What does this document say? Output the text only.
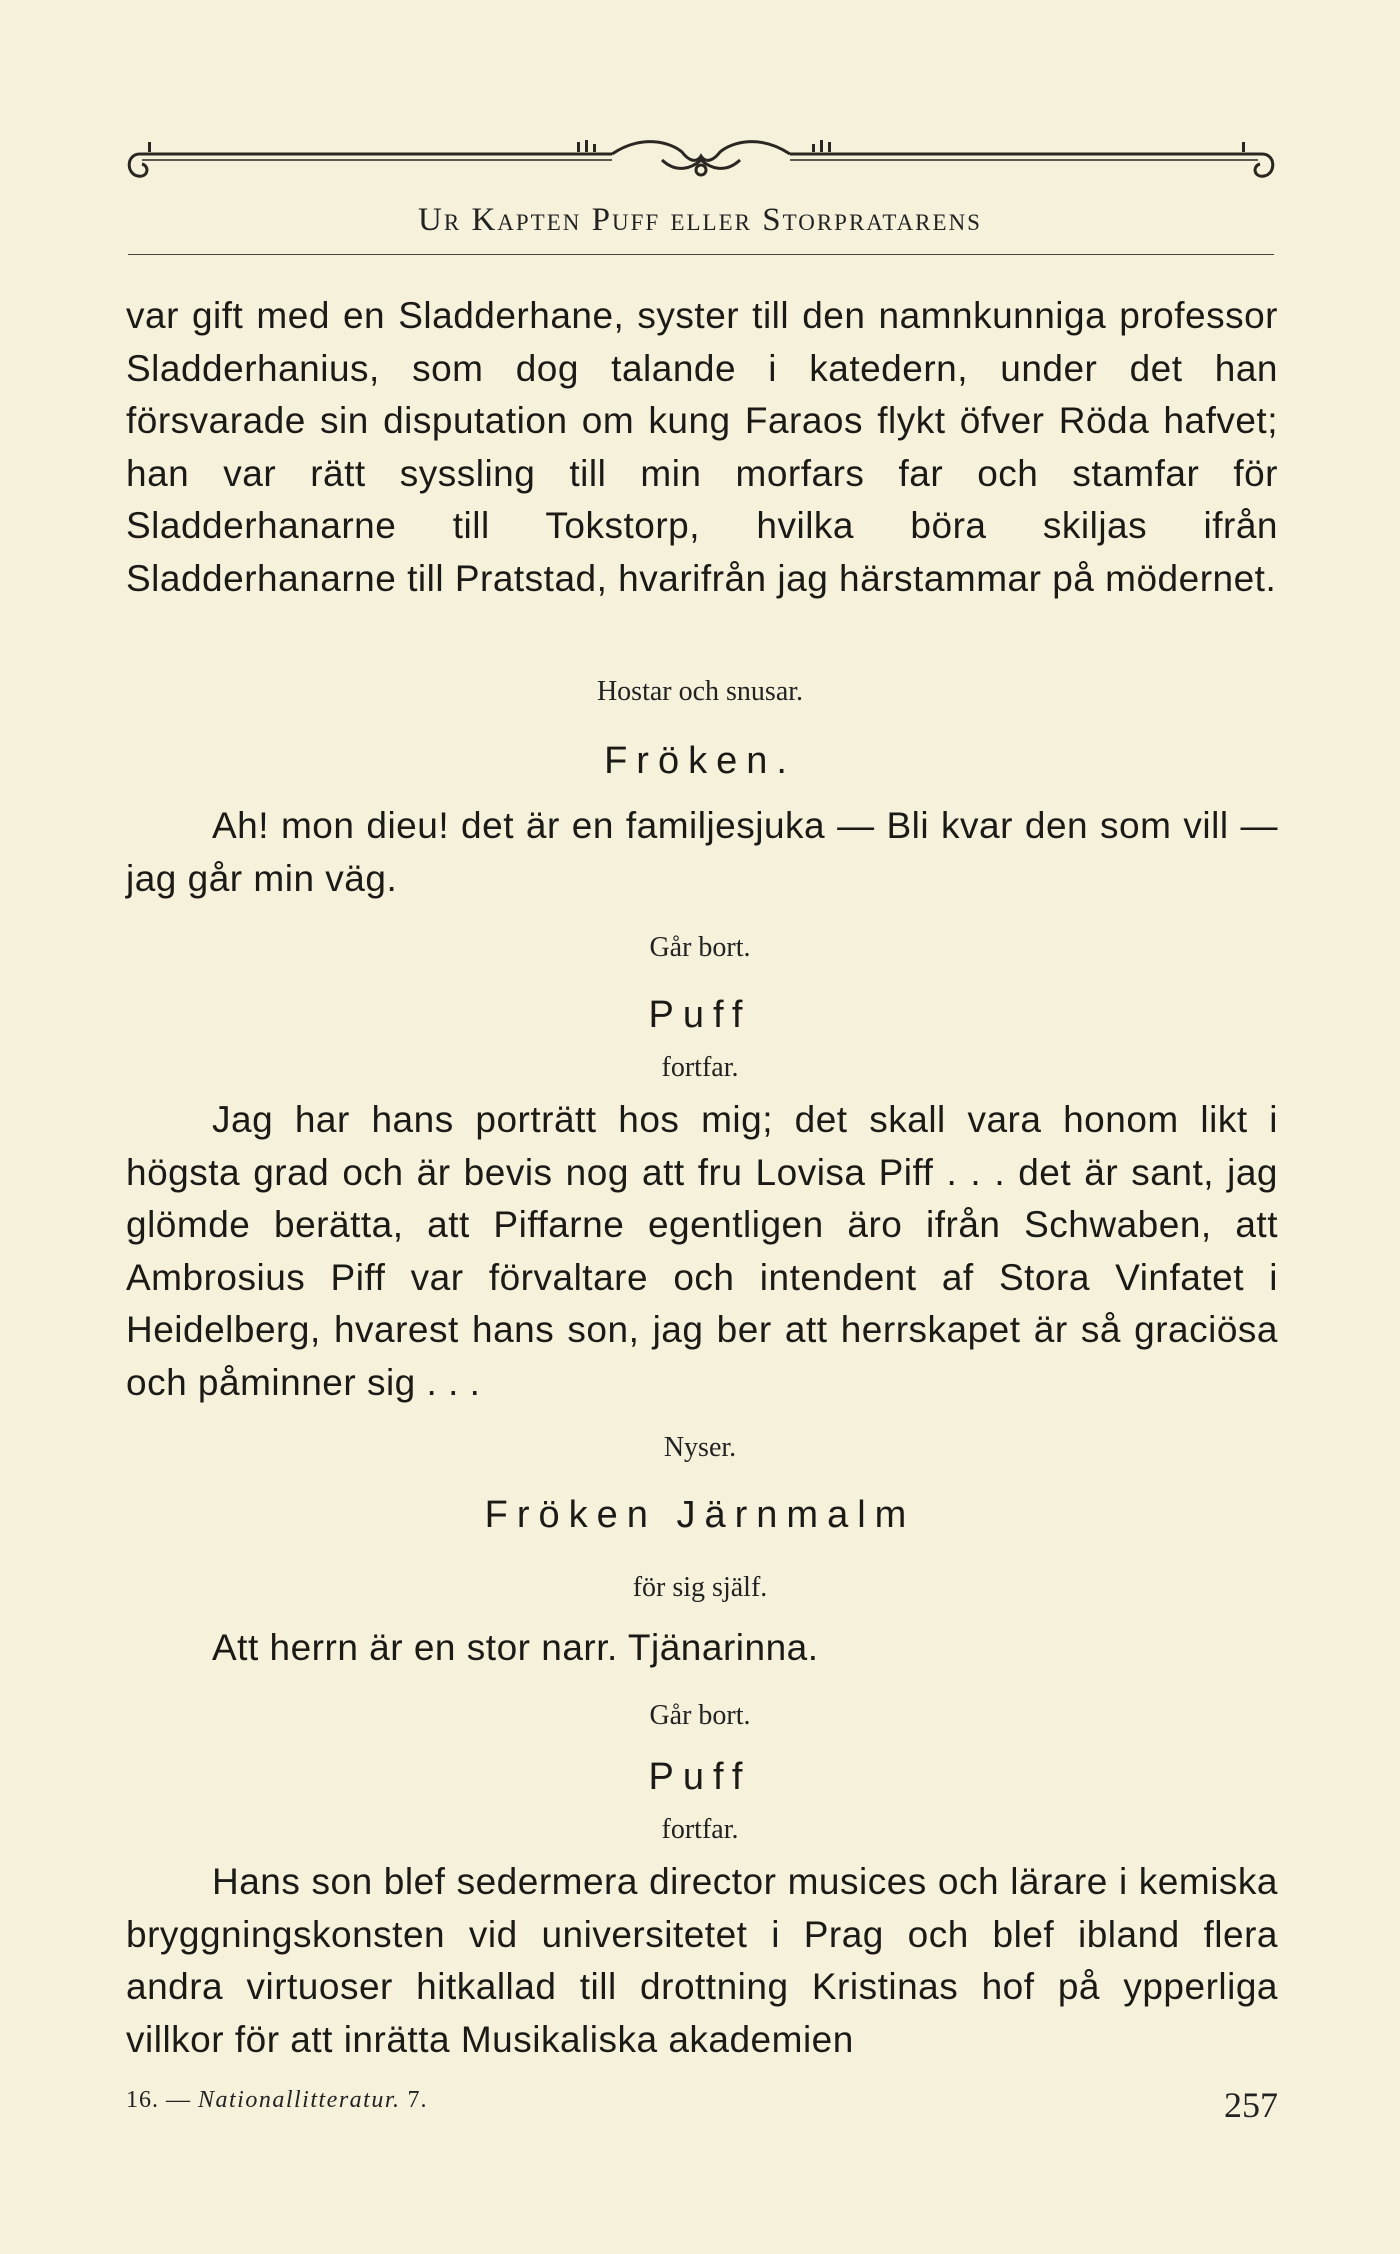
Ur Kapten Puff eller Storpratarens
var gift med en Sladderhane, syster till den namnkunniga professor Sladderhanius, som dog talande i katedern, under det han försvarade sin disputation om kung Faraos flykt öfver Röda hafvet; han var rätt syssling till min morfars far och stamfar för Sladderhanarne till Tokstorp, hvilka böra skiljas ifrån Sladderhanarne till Pratstad, hvarifrån jag härstammar på mödernet.
Hostar och snusar.
Fröken.
Ah! mon dieu! det är en familjesjuka — Bli kvar den som vill — jag går min väg.
Går bort.
Puff
fortfar.
Jag har hans porträtt hos mig; det skall vara honom likt i högsta grad och är bevis nog att fru Lovisa Piff . . . det är sant, jag glömde berätta, att Piffarne egentligen äro ifrån Schwaben, att Ambrosius Piff var förvaltare och intendent af Stora Vinfatet i Heidelberg, hvarest hans son, jag ber att herrskapet är så graciösa och påminner sig . . .
Nyser.
Fröken Järnmalm
för sig själf.
Att herrn är en stor narr. Tjänarinna.
Går bort.
Puff
fortfar.
Hans son blef sedermera director musices och lärare i kemiska bryggningskonsten vid universitetet i Prag och blef ibland flera andra virtuoser hitkallad till drottning Kristinas hof på ypperliga villkor för att inrätta Musikaliska akademien
16. — Nationallitteratur. 7.	257
